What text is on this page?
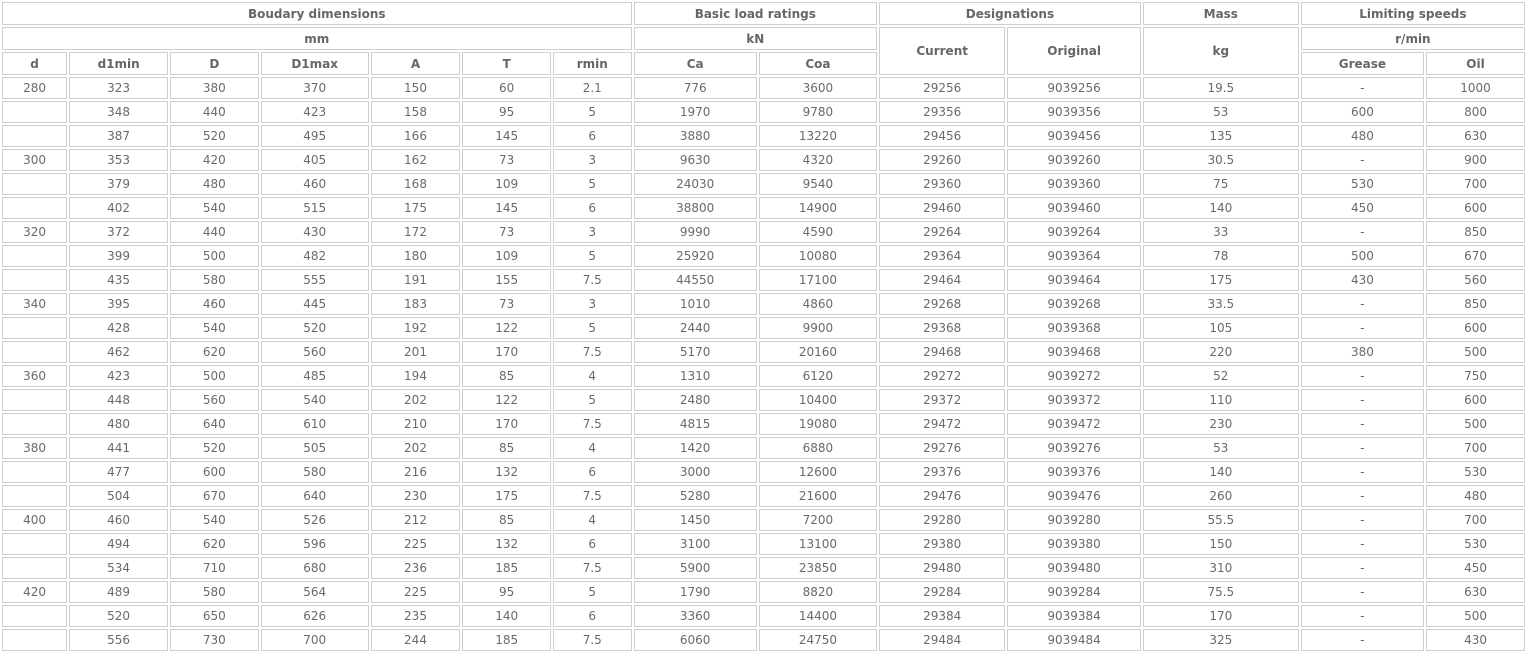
Boudary dimensions							Basic load ratings		Designations		Mass	Limiting speeds	
mm							kN		Current	Original	kg	r/min	
d	d1min	D	D1max	A	T	rmin	Ca	Coa				Grease	Oil
280	323	380	370	150	60	2.1	776	3600	29256	9039256	19.5	-	1000
	348	440	423	158	95	5	1970	9780	29356	9039356	53	600	800
	387	520	495	166	145	6	3880	13220	29456	9039456	135	480	630
300	353	420	405	162	73	3	9630	4320	29260	9039260	30.5	-	900
	379	480	460	168	109	5	24030	9540	29360	9039360	75	530	700
	402	540	515	175	145	6	38800	14900	29460	9039460	140	450	600
320	372	440	430	172	73	3	9990	4590	29264	9039264	33	-	850
	399	500	482	180	109	5	25920	10080	29364	9039364	78	500	670
	435	580	555	191	155	7.5	44550	17100	29464	9039464	175	430	560
340	395	460	445	183	73	3	1010	4860	29268	9039268	33.5	-	850
	428	540	520	192	122	5	2440	9900	29368	9039368	105	-	600
	462	620	560	201	170	7.5	5170	20160	29468	9039468	220	380	500
360	423	500	485	194	85	4	1310	6120	29272	9039272	52	-	750
	448	560	540	202	122	5	2480	10400	29372	9039372	110	-	600
	480	640	610	210	170	7.5	4815	19080	29472	9039472	230	-	500
380	441	520	505	202	85	4	1420	6880	29276	9039276	53	-	700
	477	600	580	216	132	6	3000	12600	29376	9039376	140	-	530
	504	670	640	230	175	7.5	5280	21600	29476	9039476	260	-	480
400	460	540	526	212	85	4	1450	7200	29280	9039280	55.5	-	700
	494	620	596	225	132	6	3100	13100	29380	9039380	150	-	530
	534	710	680	236	185	7.5	5900	23850	29480	9039480	310	-	450
420	489	580	564	225	95	5	1790	8820	29284	9039284	75.5	-	630
	520	650	626	235	140	6	3360	14400	29384	9039384	170	-	500
	556	730	700	244	185	7.5	6060	24750	29484	9039484	325	-	430
